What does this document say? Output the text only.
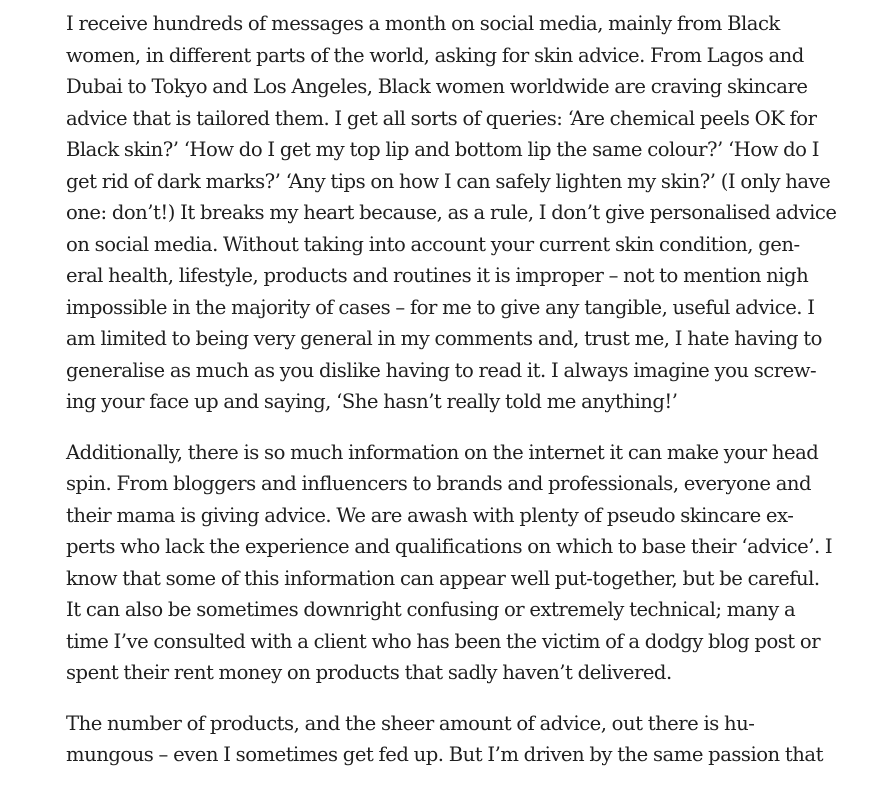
I receive hundreds of messages a month on social media, mainly from Black
women, in different parts of the world, asking for skin advice. From Lagos and
Dubai to Tokyo and Los Angeles, Black women worldwide are craving skincare
advice that is tailored them. I get all sorts of queries: ‘Are chemical peels OK for
Black skin?’ ‘How do I get my top lip and bottom lip the same colour?’ ‘How do I
get rid of dark marks?’ ‘Any tips on how I can safely lighten my skin?’ (I only have
one: don’t!) It breaks my heart because, as a rule, I don’t give personalised advice
on social media. Without taking into account your current skin condition, gen-
eral health, lifestyle, products and routines it is improper – not to mention nigh
impossible in the majority of cases – for me to give any tangible, useful advice. I
am limited to being very general in my comments and, trust me, I hate having to
generalise as much as you dislike having to read it. I always imagine you screw-
ing your face up and saying, ‘She hasn’t really told me anything!’

Additionally, there is so much information on the internet it can make your head
spin. From bloggers and influencers to brands and professionals, everyone and
their mama is giving advice. We are awash with plenty of pseudo skincare ex-
perts who lack the experience and qualifications on which to base their ‘advice’. I
know that some of this information can appear well put-together, but be careful.
It can also be sometimes downright confusing or extremely technical; many a
time I’ve consulted with a client who has been the victim of a dodgy blog post or
spent their rent money on products that sadly haven’t delivered.

The number of products, and the sheer amount of advice, out there is hu-
mungous – even I sometimes get fed up. But I’m driven by the same passion that
